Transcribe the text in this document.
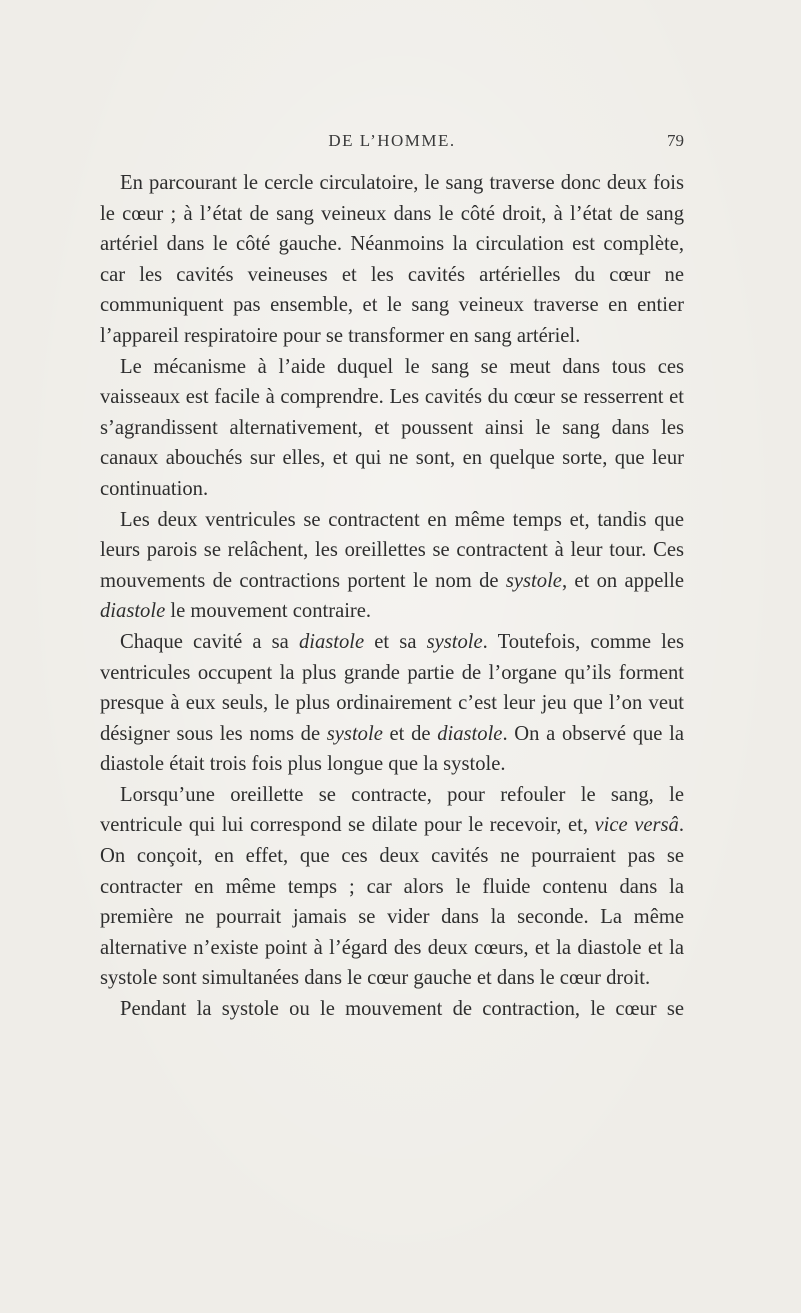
DE L’HOMME.	79

En parcourant le cercle circulatoire, le sang traverse donc deux fois le cœur ; à l’état de sang veineux dans le côté droit, à l’état de sang artériel dans le côté gauche. Néanmoins la circulation est complète, car les cavités veineuses et les cavités artérielles du cœur ne communiquent pas ensemble, et le sang veineux traverse en entier l’appareil respiratoire pour se transformer en sang artériel.

Le mécanisme à l’aide duquel le sang se meut dans tous ces vaisseaux est facile à comprendre. Les cavités du cœur se resserrent et s’agrandissent alternativement, et poussent ainsi le sang dans les canaux abouchés sur elles, et qui ne sont, en quelque sorte, que leur continuation.

Les deux ventricules se contractent en même temps et, tandis que leurs parois se relâchent, les oreillettes se contractent à leur tour. Ces mouvements de contractions portent le nom de systole, et on appelle diastole le mouvement contraire.

Chaque cavité a sa diastole et sa systole. Toutefois, comme les ventricules occupent la plus grande partie de l’organe qu’ils forment presque à eux seuls, le plus ordinairement c’est leur jeu que l’on veut désigner sous les noms de systole et de diastole. On a observé que la diastole était trois fois plus longue que la systole.

Lorsqu’une oreillette se contracte, pour refouler le sang, le ventricule qui lui correspond se dilate pour le recevoir, et, vice versâ. On conçoit, en effet, que ces deux cavités ne pourraient pas se contracter en même temps ; car alors le fluide contenu dans la première ne pourrait jamais se vider dans la seconde. La même alternative n’existe point à l’égard des deux cœurs, et la diastole et la systole sont simultanées dans le cœur gauche et dans le cœur droit.

Pendant la systole ou le mouvement de contraction, le cœur se
